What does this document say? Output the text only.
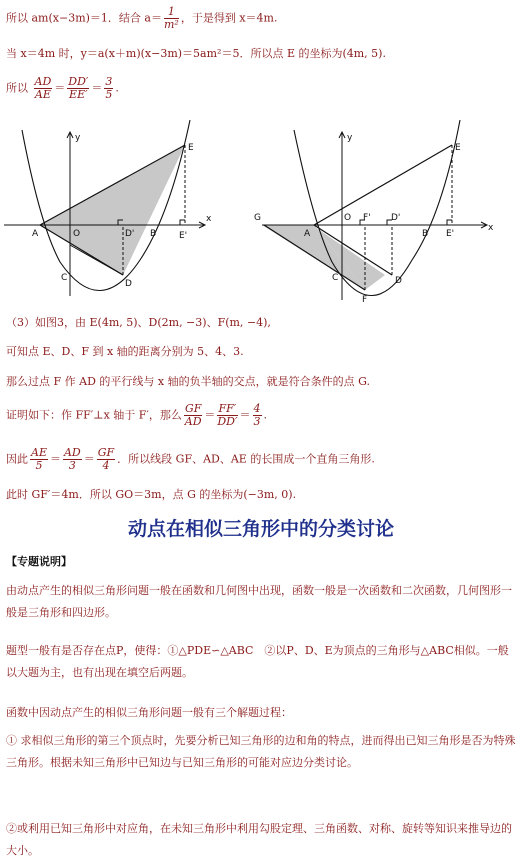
所以 am(x−3m)＝1．结合 $a= \frac{1}{\text{m²}}$ ，于是得到 x＝4m.
当 x＝4m 时，y＝a(x＋m)(x−3m)＝5am²＝5．所以点 E 的坐标为(4m, 5).
所以 $\frac{AD}{AE} = \frac{DD'}{EE'} = \frac{3}{5}$ .
y
x
A	O
C
D
D' B
E
E'
y
x
G
A
O F' D'
B
E
E'
C	D
F
（3）如图3，由 E(4m, 5)、D(2m, −3)、F(m, −4),
可知点 E、D、F 到 x 轴的距离分别为 5、4、3.
那么过点 F 作 AD 的平行线与 x 轴的负半轴的交点，就是符合条件的点 G.
证明如下：作 FF′⊥x 轴于 F′，那么 $\frac{GF}{AD} = \frac{FF'}{DD'} = \frac{4}{3}$ .
因此 $\frac{AE}{5} = \frac{AD}{3} = \frac{GF}{4}$ ．所以线段 GF、AD、AE 的长围成一个直角三角形.
此时 GF′＝4m．所以 GO＝3m，点 G 的坐标为(−3m, 0).
动点在相似三角形中的分类讨论
【专题说明】
由动点产生的相似三角形问题一般在函数和几何图中出现，函数一般是一次函数和二次函数，几何图形一般是三角形和四边形。
题型一般有是否存在点P，使得：①△PDE∽△ABC　②以P、D、E为顶点的三角形与△ABC相似。一般以大题为主，也有出现在填空后两题。
函数中因动点产生的相似三角形问题一般有三个解题过程：
① 求相似三角形的第三个顶点时，先要分析已知三角形的边和角的特点，进而得出已知三角形是否为特殊三角形。根据未知三角形中已知边与已知三角形的可能对应边分类讨论。
②或利用已知三角形中对应角，在未知三角形中利用勾股定理、三角函数、对称、旋转等知识来推导边的大小。
